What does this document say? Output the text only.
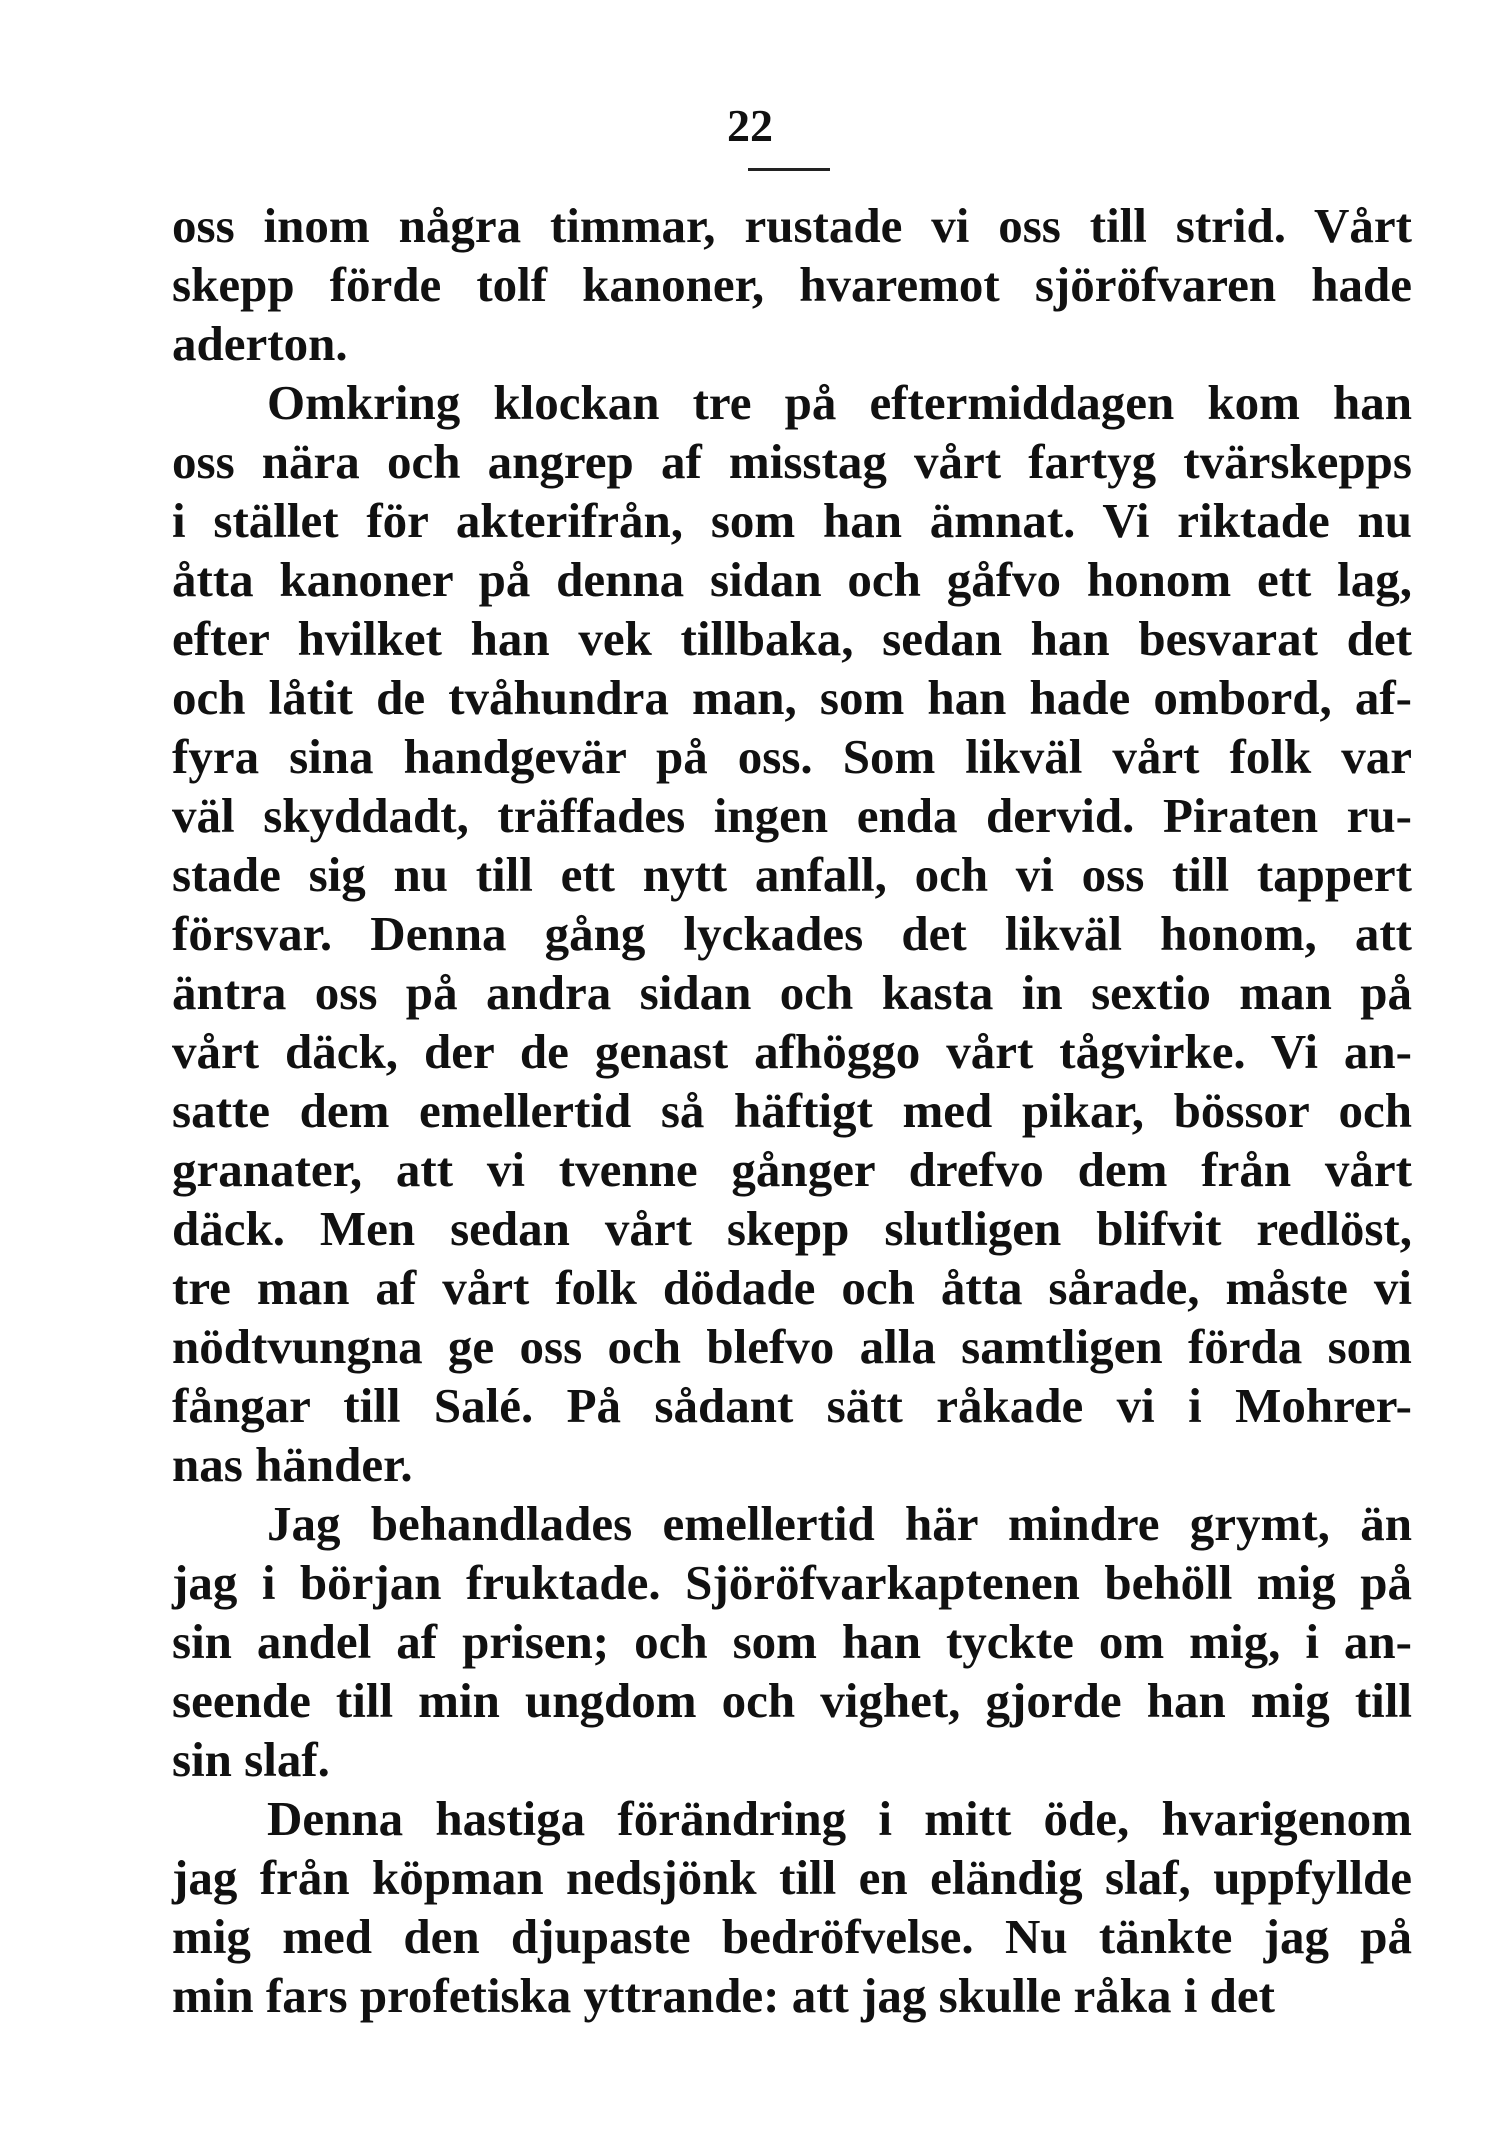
22
oss inom några timmar, rustade vi oss till strid. Vårt
skepp förde tolf kanoner, hvaremot sjöröfvaren hade
aderton.
Omkring klockan tre på eftermiddagen kom han
oss nära och angrep af misstag vårt fartyg tvärskepps
i stället för akterifrån, som han ämnat. Vi riktade nu
åtta kanoner på denna sidan och gåfvo honom ett lag,
efter hvilket han vek tillbaka, sedan han besvarat det
och låtit de tvåhundra man, som han hade ombord, af-
fyra sina handgevär på oss. Som likväl vårt folk var
väl skyddadt, träffades ingen enda dervid. Piraten ru-
stade sig nu till ett nytt anfall, och vi oss till tappert
försvar. Denna gång lyckades det likväl honom, att
äntra oss på andra sidan och kasta in sextio man på
vårt däck, der de genast afhöggo vårt tågvirke. Vi an-
satte dem emellertid så häftigt med pikar, bössor och
granater, att vi tvenne gånger drefvo dem från vårt
däck. Men sedan vårt skepp slutligen blifvit redlöst,
tre man af vårt folk dödade och åtta sårade, måste vi
nödtvungna ge oss och blefvo alla samtligen förda som
fångar till Salé. På sådant sätt råkade vi i Mohrer-
nas händer.
Jag behandlades emellertid här mindre grymt, än
jag i början fruktade. Sjöröfvarkaptenen behöll mig på
sin andel af prisen; och som han tyckte om mig, i an-
seende till min ungdom och vighet, gjorde han mig till
sin slaf.
Denna hastiga förändring i mitt öde, hvarigenom
jag från köpman nedsjönk till en eländig slaf, uppfyllde
mig med den djupaste bedröfvelse. Nu tänkte jag på
min fars profetiska yttrande: att jag skulle råka i det
